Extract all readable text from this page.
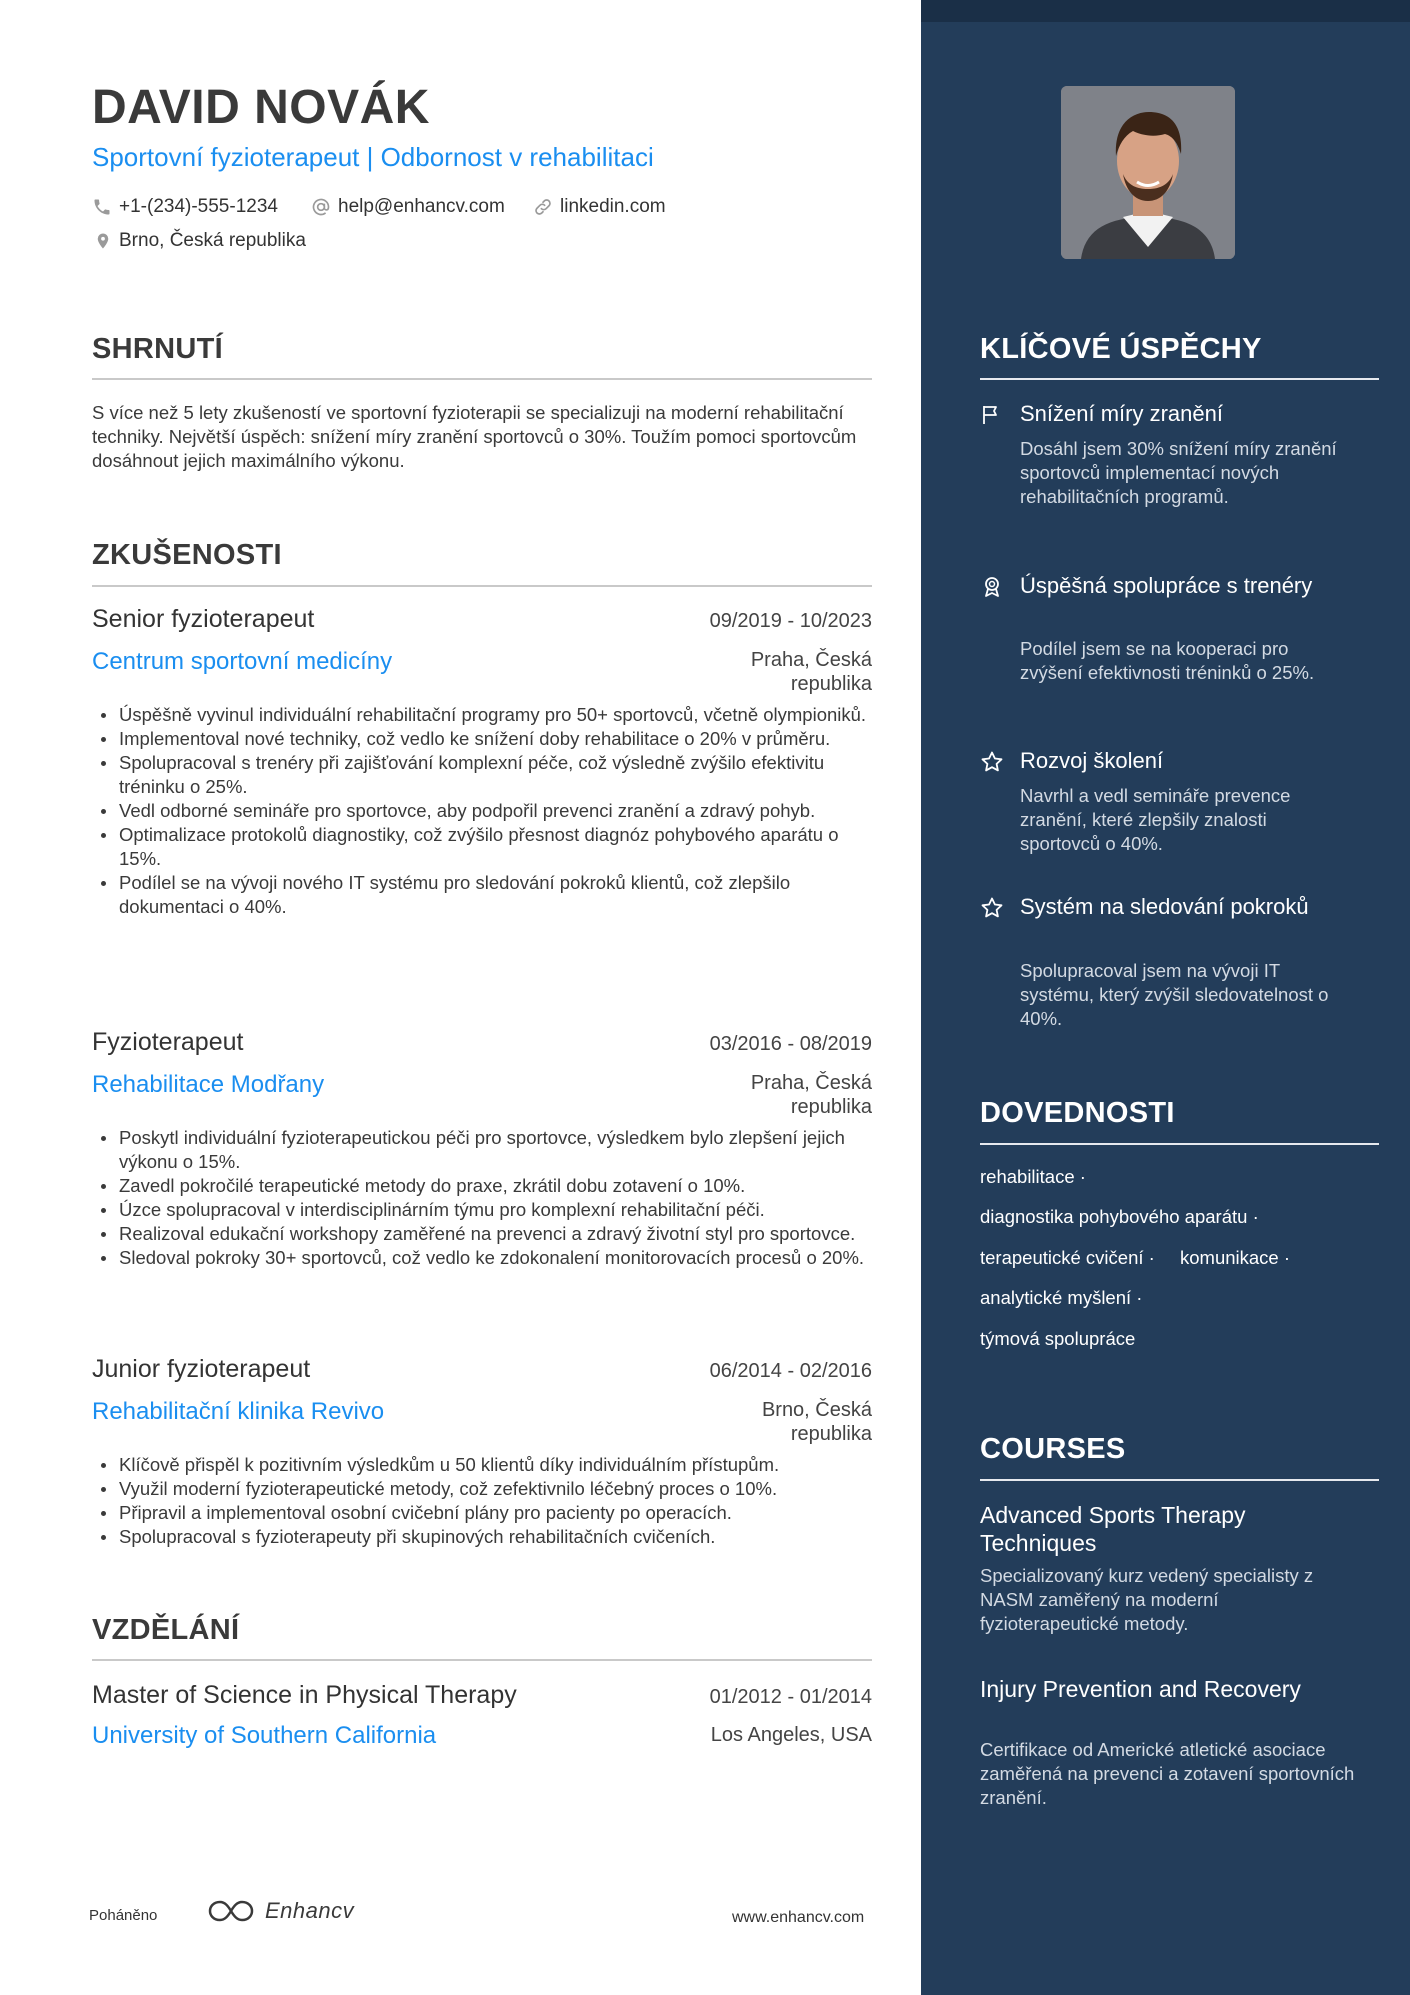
DAVID NOVÁK
Sportovní fyzioterapeut | Odbornost v rehabilitaci
+1-(234)-555-1234	help@enhancv.com	linkedin.com
Brno, Česká republika
SHRNUTÍ

S více než 5 lety zkušeností ve sportovní fyzioterapii se specializuji na moderní rehabilitační techniky. Největší úspěch: snížení míry zranění sportovců o 30%. Toužím pomoci sportovcům dosáhnout jejich maximálního výkonu.

ZKUŠENOSTI
Senior fyzioterapeut	09/2019 - 10/2023
Centrum sportovní medicíny	Praha, Česká republika
Úspěšně vyvinul individuální rehabilitační programy pro 50+ sportovců, včetně olympioniků.
Implementoval nové techniky, což vedlo ke snížení doby rehabilitace o 20% v průměru.
Spolupracoval s trenéry při zajišťování komplexní péče, což výsledně zvýšilo efektivitu tréninku o 25%.
Vedl odborné semináře pro sportovce, aby podpořil prevenci zranění a zdravý pohyb.
Optimalizace protokolů diagnostiky, což zvýšilo přesnost diagnóz pohybového aparátu o 15%.
Podílel se na vývoji nového IT systému pro sledování pokroků klientů, což zlepšilo dokumentaci o 40%.
Fyzioterapeut	03/2016 - 08/2019
Rehabilitace Modřany	Praha, Česká republika
Poskytl individuální fyzioterapeutickou péči pro sportovce, výsledkem bylo zlepšení jejich výkonu o 15%.
Zavedl pokročilé terapeutické metody do praxe, zkrátil dobu zotavení o 10%.
Úzce spolupracoval v interdisciplinárním týmu pro komplexní rehabilitační péči.
Realizoval edukační workshopy zaměřené na prevenci a zdravý životní styl pro sportovce.
Sledoval pokroky 30+ sportovců, což vedlo ke zdokonalení monitorovacích procesů o 20%.
Junior fyzioterapeut	06/2014 - 02/2016
Rehabilitační klinika Revivo	Brno, Česká republika
Klíčově přispěl k pozitivním výsledkům u 50 klientů díky individuálním přístupům.
Využil moderní fyzioterapeutické metody, což zefektivnilo léčebný proces o 10%.
Připravil a implementoval osobní cvičební plány pro pacienty po operacích.
Spolupracoval s fyzioterapeuty při skupinových rehabilitačních cvičeních.
VZDĚLÁNÍ
Master of Science in Physical Therapy	01/2012 - 01/2014
University of Southern California	Los Angeles, USA
Poháněno	Enhancv	www.enhancv.com
KLÍČOVÉ ÚSPĚCHY
Snížení míry zranění
Dosáhl jsem 30% snížení míry zranění sportovců implementací nových rehabilitačních programů.
Úspěšná spolupráce s trenéry
Podílel jsem se na kooperaci pro zvýšení efektivnosti tréninků o 25%.
Rozvoj školení
Navrhl a vedl semináře prevence zranění, které zlepšily znalosti sportovců o 40%.
Systém na sledování pokroků
Spolupracoval jsem na vývoji IT systému, který zvýšil sledovatelnost o 40%.
DOVEDNOSTI
rehabilitace ·
diagnostika pohybového aparátu ·
terapeutické cvičení · komunikace ·
analytické myšlení ·
týmová spolupráce
COURSES
Advanced Sports Therapy Techniques
Specializovaný kurz vedený specialisty z NASM zaměřený na moderní fyzioterapeutické metody.
Injury Prevention and Recovery
Certifikace od Americké atletické asociace zaměřená na prevenci a zotavení sportovních zranění.
